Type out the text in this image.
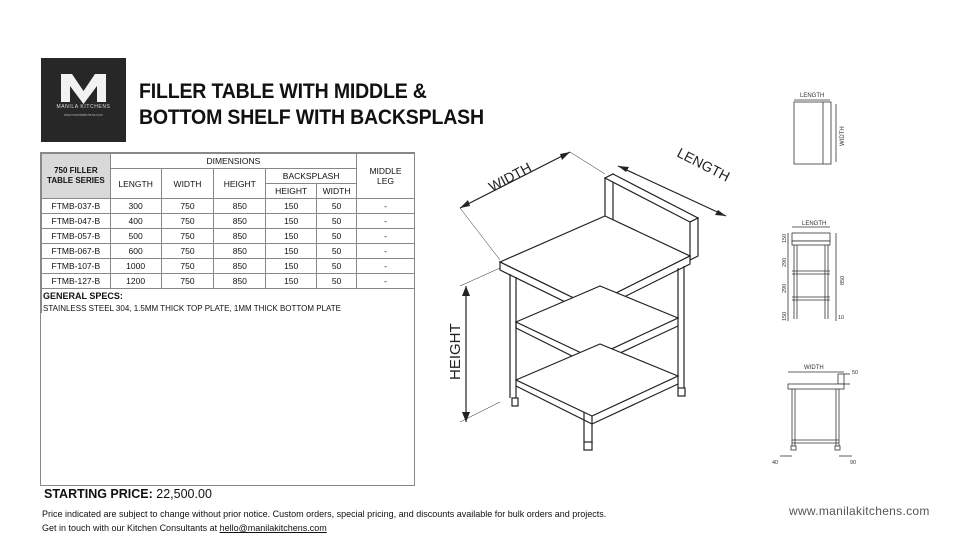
MANILA KITCHENS
www.manilakitchens.com
FILLER TABLE WITH MIDDLE &
BOTTOM SHELF WITH BACKSPLASH
750 FILLER TABLE SERIES	DIMENSIONS					MIDDLE LEG
	LENGTH	WIDTH	HEIGHT	BACKSPLASH		
				HEIGHT	WIDTH	
FTMB-037-B	300	750	850	150	50	-
FTMB-047-B	400	750	850	150	50	-
FTMB-057-B	500	750	850	150	50	-
FTMB-067-B	600	750	850	150	50	-
FTMB-107-B	1000	750	850	150	50	-
FTMB-127-B	1200	750	850	150	50	-

GENERAL SPECS:
STAINLESS STEEL 304, 1.5MM THICK TOP PLATE, 1MM THICK BOTTOM PLATE						
WIDTH	LENGTH
HEIGHT
LENGTH
WIDTH
LENGTH
150
290
290
150
850
10
WIDTH
50
40	90
STARTING PRICE: 22,500.00
Price indicated are subject to change without prior notice. Custom orders, special pricing, and discounts available for bulk orders and projects.
Get in touch with our Kitchen Consultants at hello@manilakitchens.com
www.manilakitchens.com
